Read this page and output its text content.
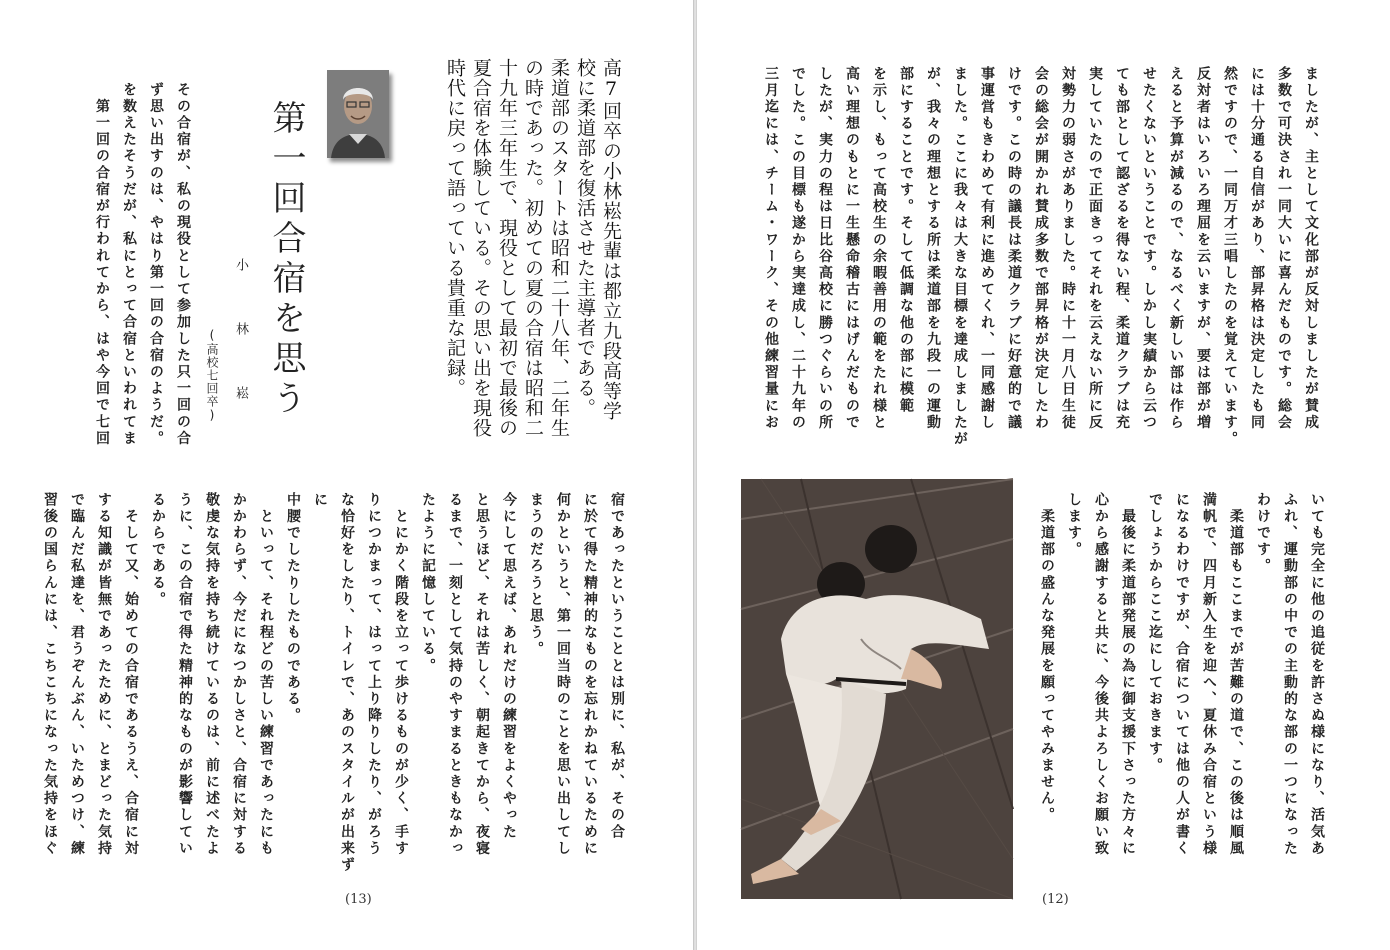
高7回卒の小林崧先輩は都立九段高等学
校に柔道部を復活させた主導者である。
柔道部のスタートは昭和二十八年、二年生
の時であった。初めての夏の合宿は昭和二
十九年三年生で、現役として最初で最後の
夏合宿を体験している。その思い出を現役
時代に戻って語っている貴重な記録。
第一回合宿を思う
小 林 崧
(高校七回卒)
その合宿が、私の現役として参加した只一回の合
ず思い出すのは、やはり第一回の合宿のようだ。
を数えたそうだが、私にとって合宿といわれてま
　第一回の合宿が行われてから、はや今回で七回
宿であったということとは別に、私が、その合
に於て得た精神的なものを忘れかねているために
何かというと、第一回当時のことを思い出してし
まうのだろうと思う。
今にして思えば、あれだけの練習をよくやった
と思うほど、それは苦しく、朝起きてから、夜寝
るまで、一刻として気持のやすまるときもなかっ
たように記憶している。
　とにかく階段を立って歩けるものが少く、手す
りにつかまって、はって上り降りしたり、がろう
な恰好をしたり、トイレで、あのスタイルが出来ずに
中腰でしたりしたものである。
　といって、それ程どの苦しい練習であったにも
かかわらず、今だになつかしさと、合宿に対する
敬虔な気持を持ち続けているのは、前に述べたよ
うに、この合宿で得た精神的なものが影響してい
るからである。
　そして又、始めての合宿であるうえ、合宿に対
する知識が皆無であったために、とまどった気持
で臨んだ私達を、君うぞんぶん、いためつけ、練
習後の国らんには、こちこちになった気持をほぐ
(13)	(12)
ましたが、主として文化部が反対しましたが賛成
多数で可決され一同大いに喜んだものです。総会
には十分通る自信があり、部昇格は決定したも同
然ですので、一同万才三唱したのを覚えています。
反対者はいろいろ理屈を云いますが、要は部が増
えると予算が減るので、なるべく新しい部は作ら
せたくないということです。しかし実績から云つ
ても部として認ざるを得ない程、柔道クラブは充
実していたので正面きってそれを云えない所に反
対勢力の弱さがありました。時に十一月八日生徒
会の総会が開かれ賛成多数で部昇格が決定したわ
けです。この時の議長は柔道クラブに好意的で議
事運営もきわめて有利に進めてくれ、一同感謝し
ました。ここに我々は大きな目標を達成しましたが
が、我々の理想とする所は柔道部を九段一の運動
部にすることです。そして低調な他の部に模範
を示し、もって高校生の余暇善用の範をたれ様と
高い理想のもとに一生懸命稽古にはげんだもので
したが、実力の程は日比谷高校に勝つぐらいの所
でした。この目標も遂から実達成し、二十九年の
三月迄には、チーム・ワーク、その他練習量にお
いても完全に他の追従を許さぬ様になり、活気あ
ふれ、運動部の中での主動的な部の一つになった
わけです。
　柔道部もここまでが苦難の道で、この後は順風
満帆で、四月新入生を迎へ、夏休み合宿という様
になるわけですが、合宿については他の人が書く
でしょうからここ迄にしておきます。
　最後に柔道部発展の為に御支援下さった方々に
心から感謝すると共に、今後共よろしくお願い致
します。
　柔道部の盛んな発展を願ってやみません。
